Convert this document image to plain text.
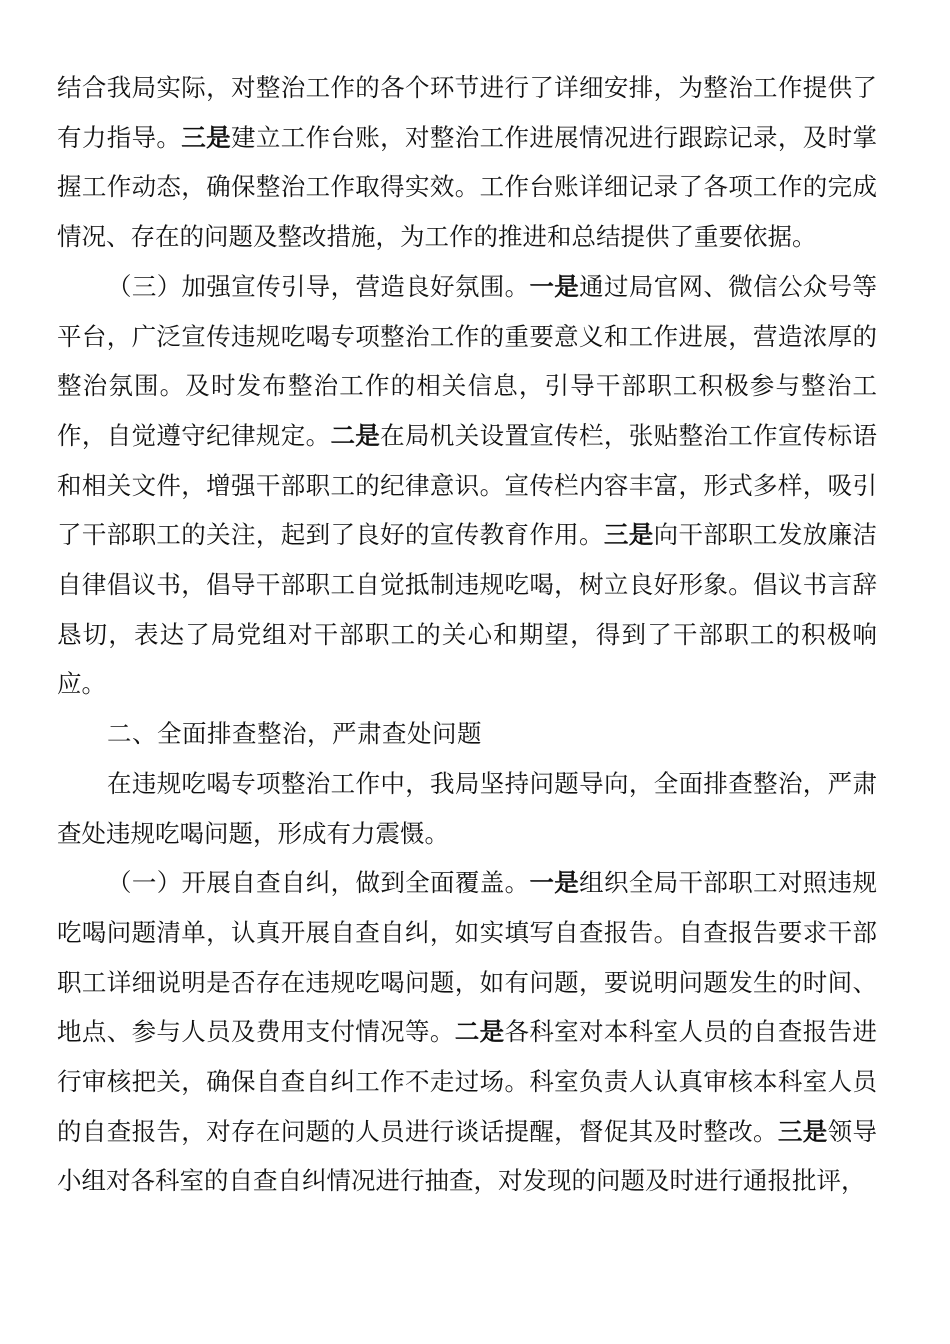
结合我局实际，对整治工作的各个环节进行了详细安排，为整治工作提供了有力指导。三是建立工作台账，对整治工作进展情况进行跟踪记录，及时掌握工作动态，确保整治工作取得实效。工作台账详细记录了各项工作的完成情况、存在的问题及整改措施，为工作的推进和总结提供了重要依据。

（三）加强宣传引导，营造良好氛围。一是通过局官网、微信公众号等平台，广泛宣传违规吃喝专项整治工作的重要意义和工作进展，营造浓厚的整治氛围。及时发布整治工作的相关信息，引导干部职工积极参与整治工作，自觉遵守纪律规定。二是在局机关设置宣传栏，张贴整治工作宣传标语和相关文件，增强干部职工的纪律意识。宣传栏内容丰富，形式多样，吸引了干部职工的关注，起到了良好的宣传教育作用。三是向干部职工发放廉洁自律倡议书，倡导干部职工自觉抵制违规吃喝，树立良好形象。倡议书言辞恳切，表达了局党组对干部职工的关心和期望，得到了干部职工的积极响应。

二、全面排查整治，严肃查处问题

在违规吃喝专项整治工作中，我局坚持问题导向，全面排查整治，严肃查处违规吃喝问题，形成有力震慑。

（一）开展自查自纠，做到全面覆盖。一是组织全局干部职工对照违规吃喝问题清单，认真开展自查自纠，如实填写自查报告。自查报告要求干部职工详细说明是否存在违规吃喝问题，如有问题，要说明问题发生的时间、地点、参与人员及费用支付情况等。二是各科室对本科室人员的自查报告进行审核把关，确保自查自纠工作不走过场。科室负责人认真审核本科室人员的自查报告，对存在问题的人员进行谈话提醒，督促其及时整改。三是领导小组对各科室的自查自纠情况进行抽查，对发现的问题及时进行通报批评，
